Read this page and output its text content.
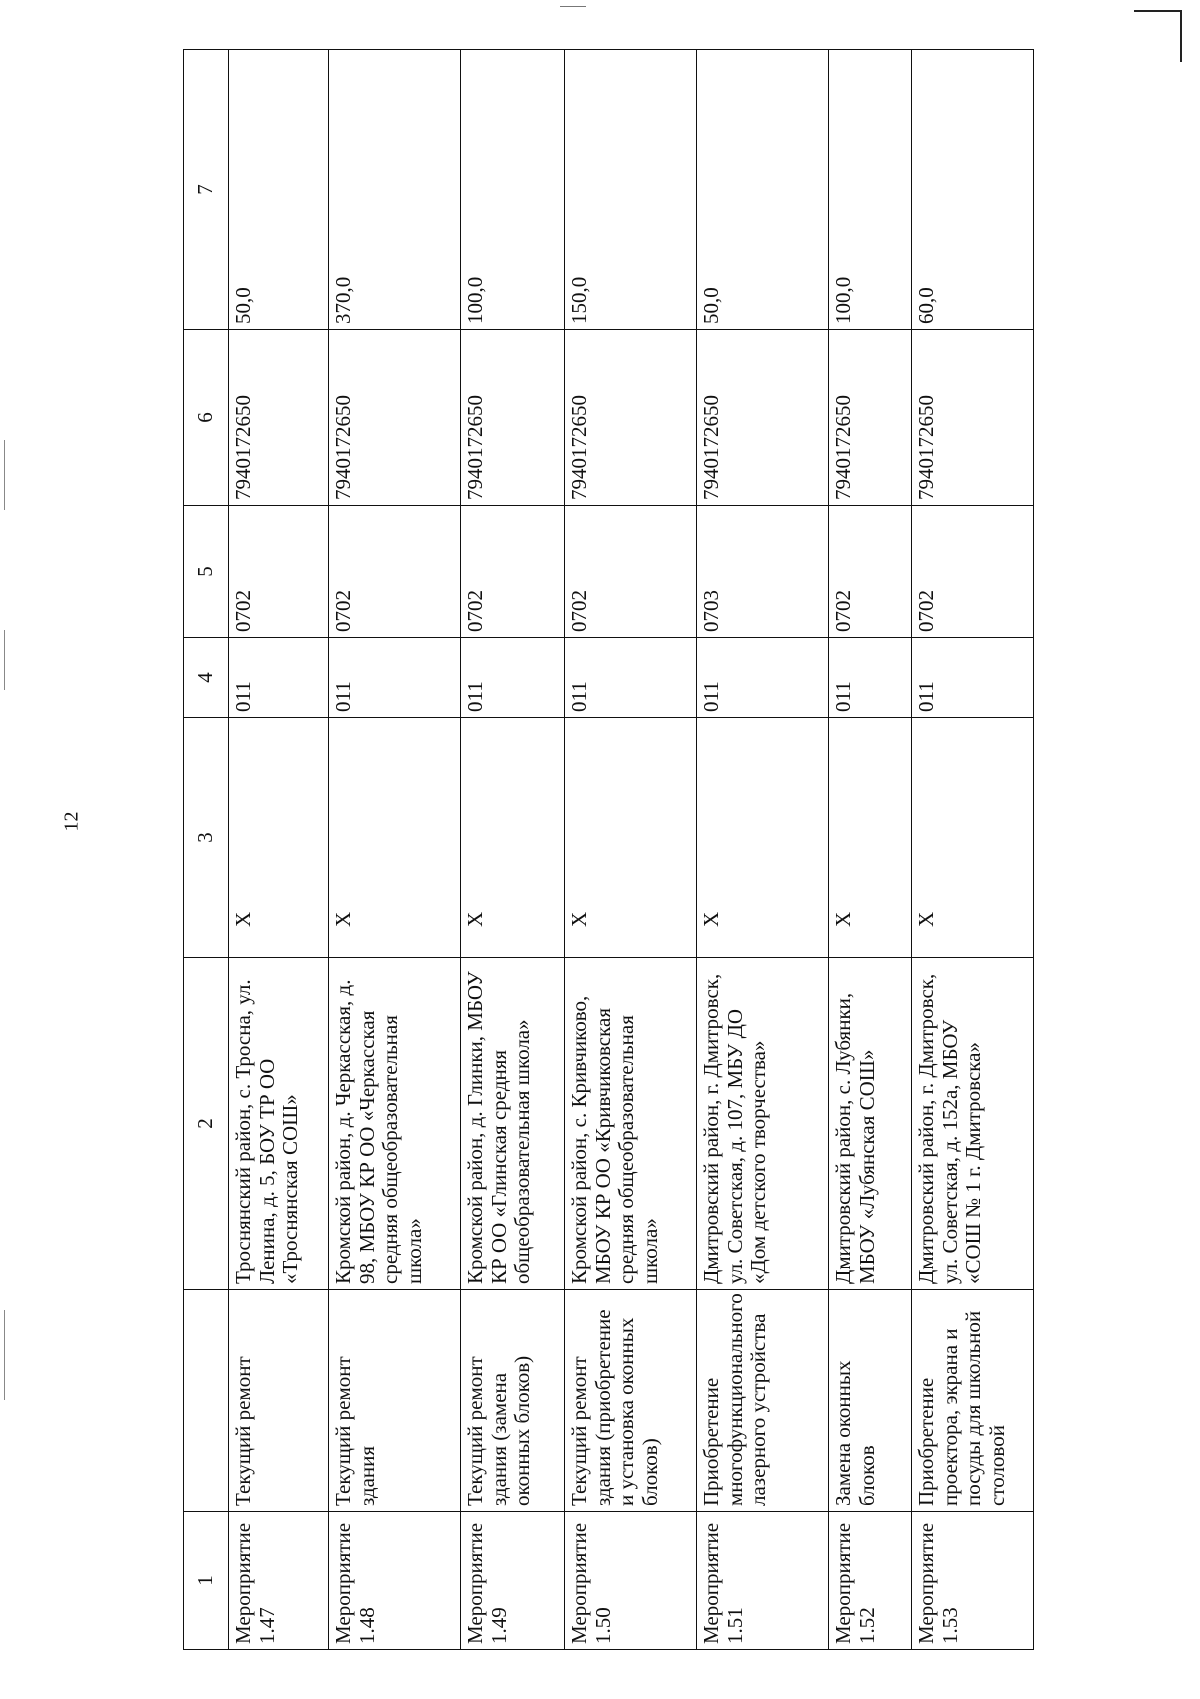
12
1		2	3	4	5	6	7
Мероприятие 1.47	Текущий ремонт	Троснянский район, с. Тросна, ул. Ленина, д. 5, БОУ ТР ОО «Троснянская СОШ»	Х	011	0702	7940172650	50,0
Мероприятие 1.48	Текущий ремонт здания	Кромской район, д. Черкасская, д. 98, МБОУ КР ОО «Черкасская средняя общеобразовательная школа»	Х	011	0702	7940172650	370,0
Мероприятие 1.49	Текущий ремонт здания (замена оконных блоков)	Кромской район, д. Глинки, МБОУ КР ОО «Глинская средняя общеобразовательная школа»	Х	011	0702	7940172650	100,0
Мероприятие 1.50	Текущий ремонт здания (приобретение и установка оконных блоков)	Кромской район, с. Кривчиково, МБОУ КР ОО «Кривчиковская средняя общеобразовательная школа»	Х	011	0702	7940172650	150,0
Мероприятие 1.51	Приобретение многофункционального лазерного устройства	Дмитровский район, г. Дмитровск, ул. Советская, д. 107, МБУ ДО «Дом детского творчества»	Х	011	0703	7940172650	50,0
Мероприятие 1.52	Замена оконных блоков	Дмитровский район, с. Лубянки, МБОУ «Лубянская СОШ»	Х	011	0702	7940172650	100,0
Мероприятие 1.53	Приобретение проектора, экрана и посуды для школьной столовой	Дмитровский район, г. Дмитровск, ул. Советская, д. 152а, МБОУ «СОШ № 1 г. Дмитровска»	Х	011	0702	7940172650	60,0
